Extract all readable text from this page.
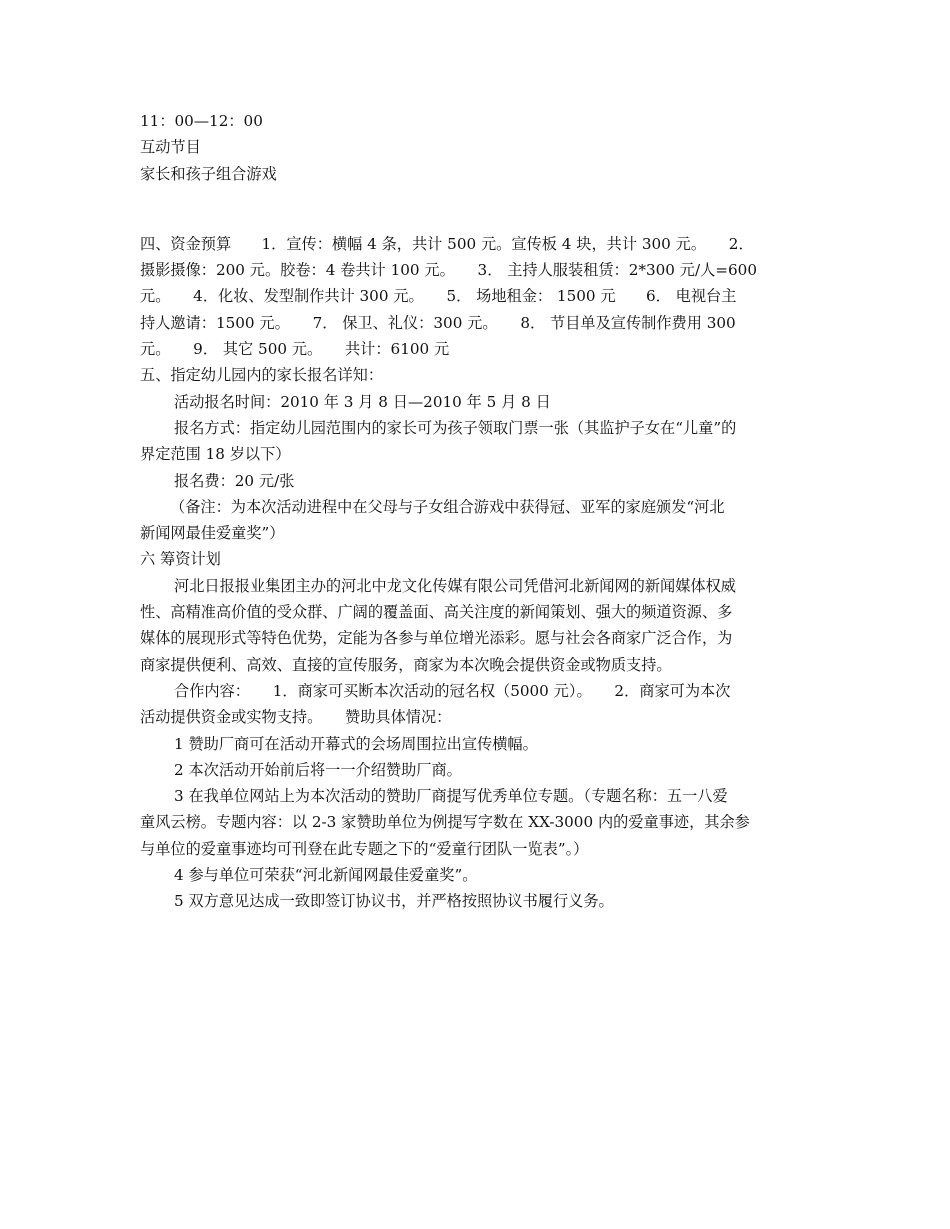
11：00—12：00
互动节目
家长和孩子组合游戏
四、资金预算　　1．宣传：横幅 4 条，共计 500 元。宣传板 4 块，共计 300 元。　　2．
摄影摄像：200 元。胶卷：4 卷共计 100 元。　　3． 主持人服装租赁：2*300 元/人=600
元。　　4．化妆、发型制作共计 300 元。　　5． 场地租金： 1500 元　　6． 电视台主
持人邀请：1500 元。　　7． 保卫、礼仪：300 元。　　8． 节目单及宣传制作费用 300
元。　　9． 其它 500 元。　　共计：6100 元
五、指定幼儿园内的家长报名详知：
活动报名时间：2010 年 3 月 8 日—2010 年 5 月 8 日
报名方式：指定幼儿园范围内的家长可为孩子领取门票一张（其监护子女在“儿童”的
界定范围 18 岁以下）
报名费：20 元/张
（备注：为本次活动进程中在父母与子女组合游戏中获得冠、亚军的家庭颁发“河北
新闻网最佳爱童奖”）
六 筹资计划
河北日报报业集团主办的河北中龙文化传媒有限公司凭借河北新闻网的新闻媒体权威
性、高精准高价值的受众群、广阔的覆盖面、高关注度的新闻策划、强大的频道资源、多
媒体的展现形式等特色优势，定能为各参与单位增光添彩。愿与社会各商家广泛合作，为
商家提供便利、高效、直接的宣传服务，商家为本次晚会提供资金或物质支持。
合作内容：　　1．商家可买断本次活动的冠名权（5000 元）。　　2．商家可为本次
活动提供资金或实物支持。　　赞助具体情况：
1 赞助厂商可在活动开幕式的会场周围拉出宣传横幅。
2 本次活动开始前后将一一介绍赞助厂商。
3 在我单位网站上为本次活动的赞助厂商提写优秀单位专题。（专题名称：五一八爱
童风云榜。专题内容：以 2-3 家赞助单位为例提写字数在 XX-3000 内的爱童事迹，其余参
与单位的爱童事迹均可刊登在此专题之下的“爱童行团队一览表”。）
4 参与单位可荣获“河北新闻网最佳爱童奖”。
5 双方意见达成一致即签订协议书，并严格按照协议书履行义务。
